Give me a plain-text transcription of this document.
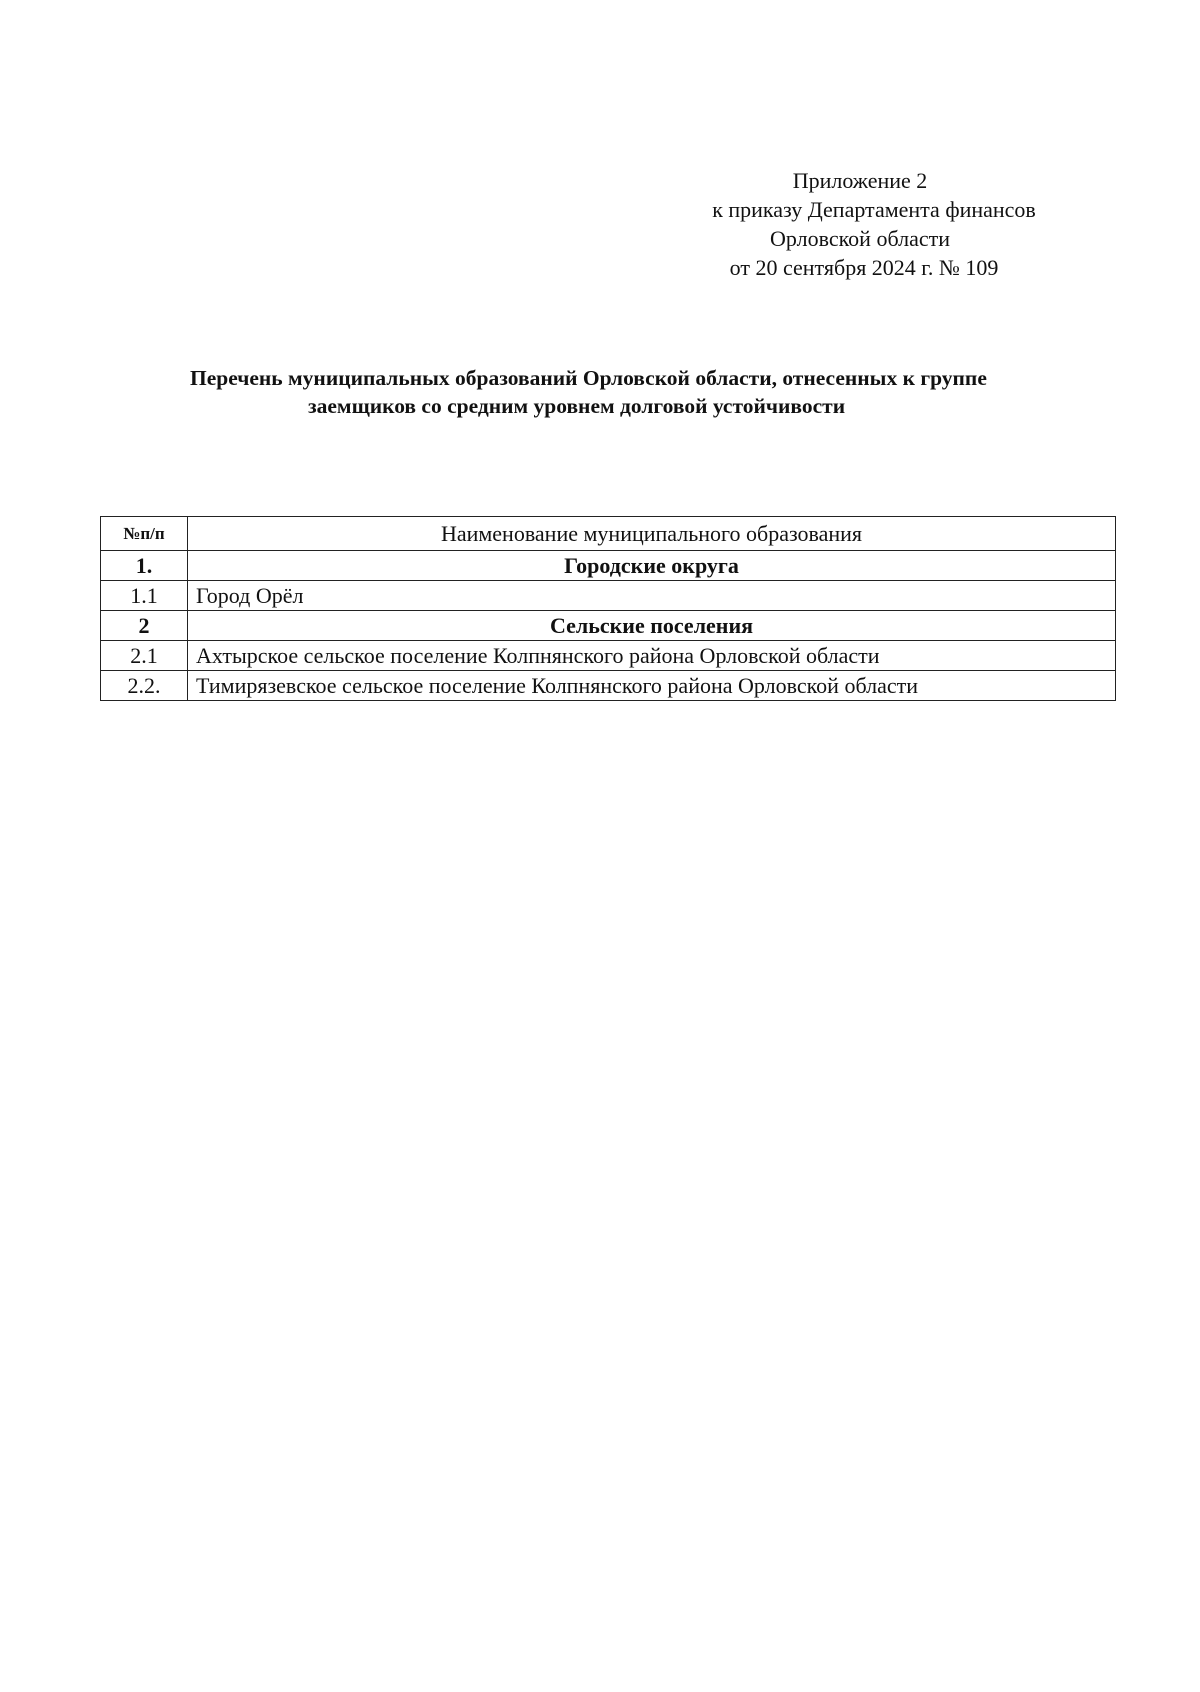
Приложение 2
к приказу Департамента финансов
Орловской области
от 20 сентября 2024 г. № 109
Перечень муниципальных образований Орловской области, отнесенных к группе
заемщиков со средним уровнем долговой устойчивости
№п/п	Наименование муниципального образования
1.	Городские округа
1.1	Город Орёл
2	Сельские поселения
2.1	Ахтырское сельское поселение Колпнянского района Орловской области
2.2.	Тимирязевское сельское поселение Колпнянского района Орловской области
